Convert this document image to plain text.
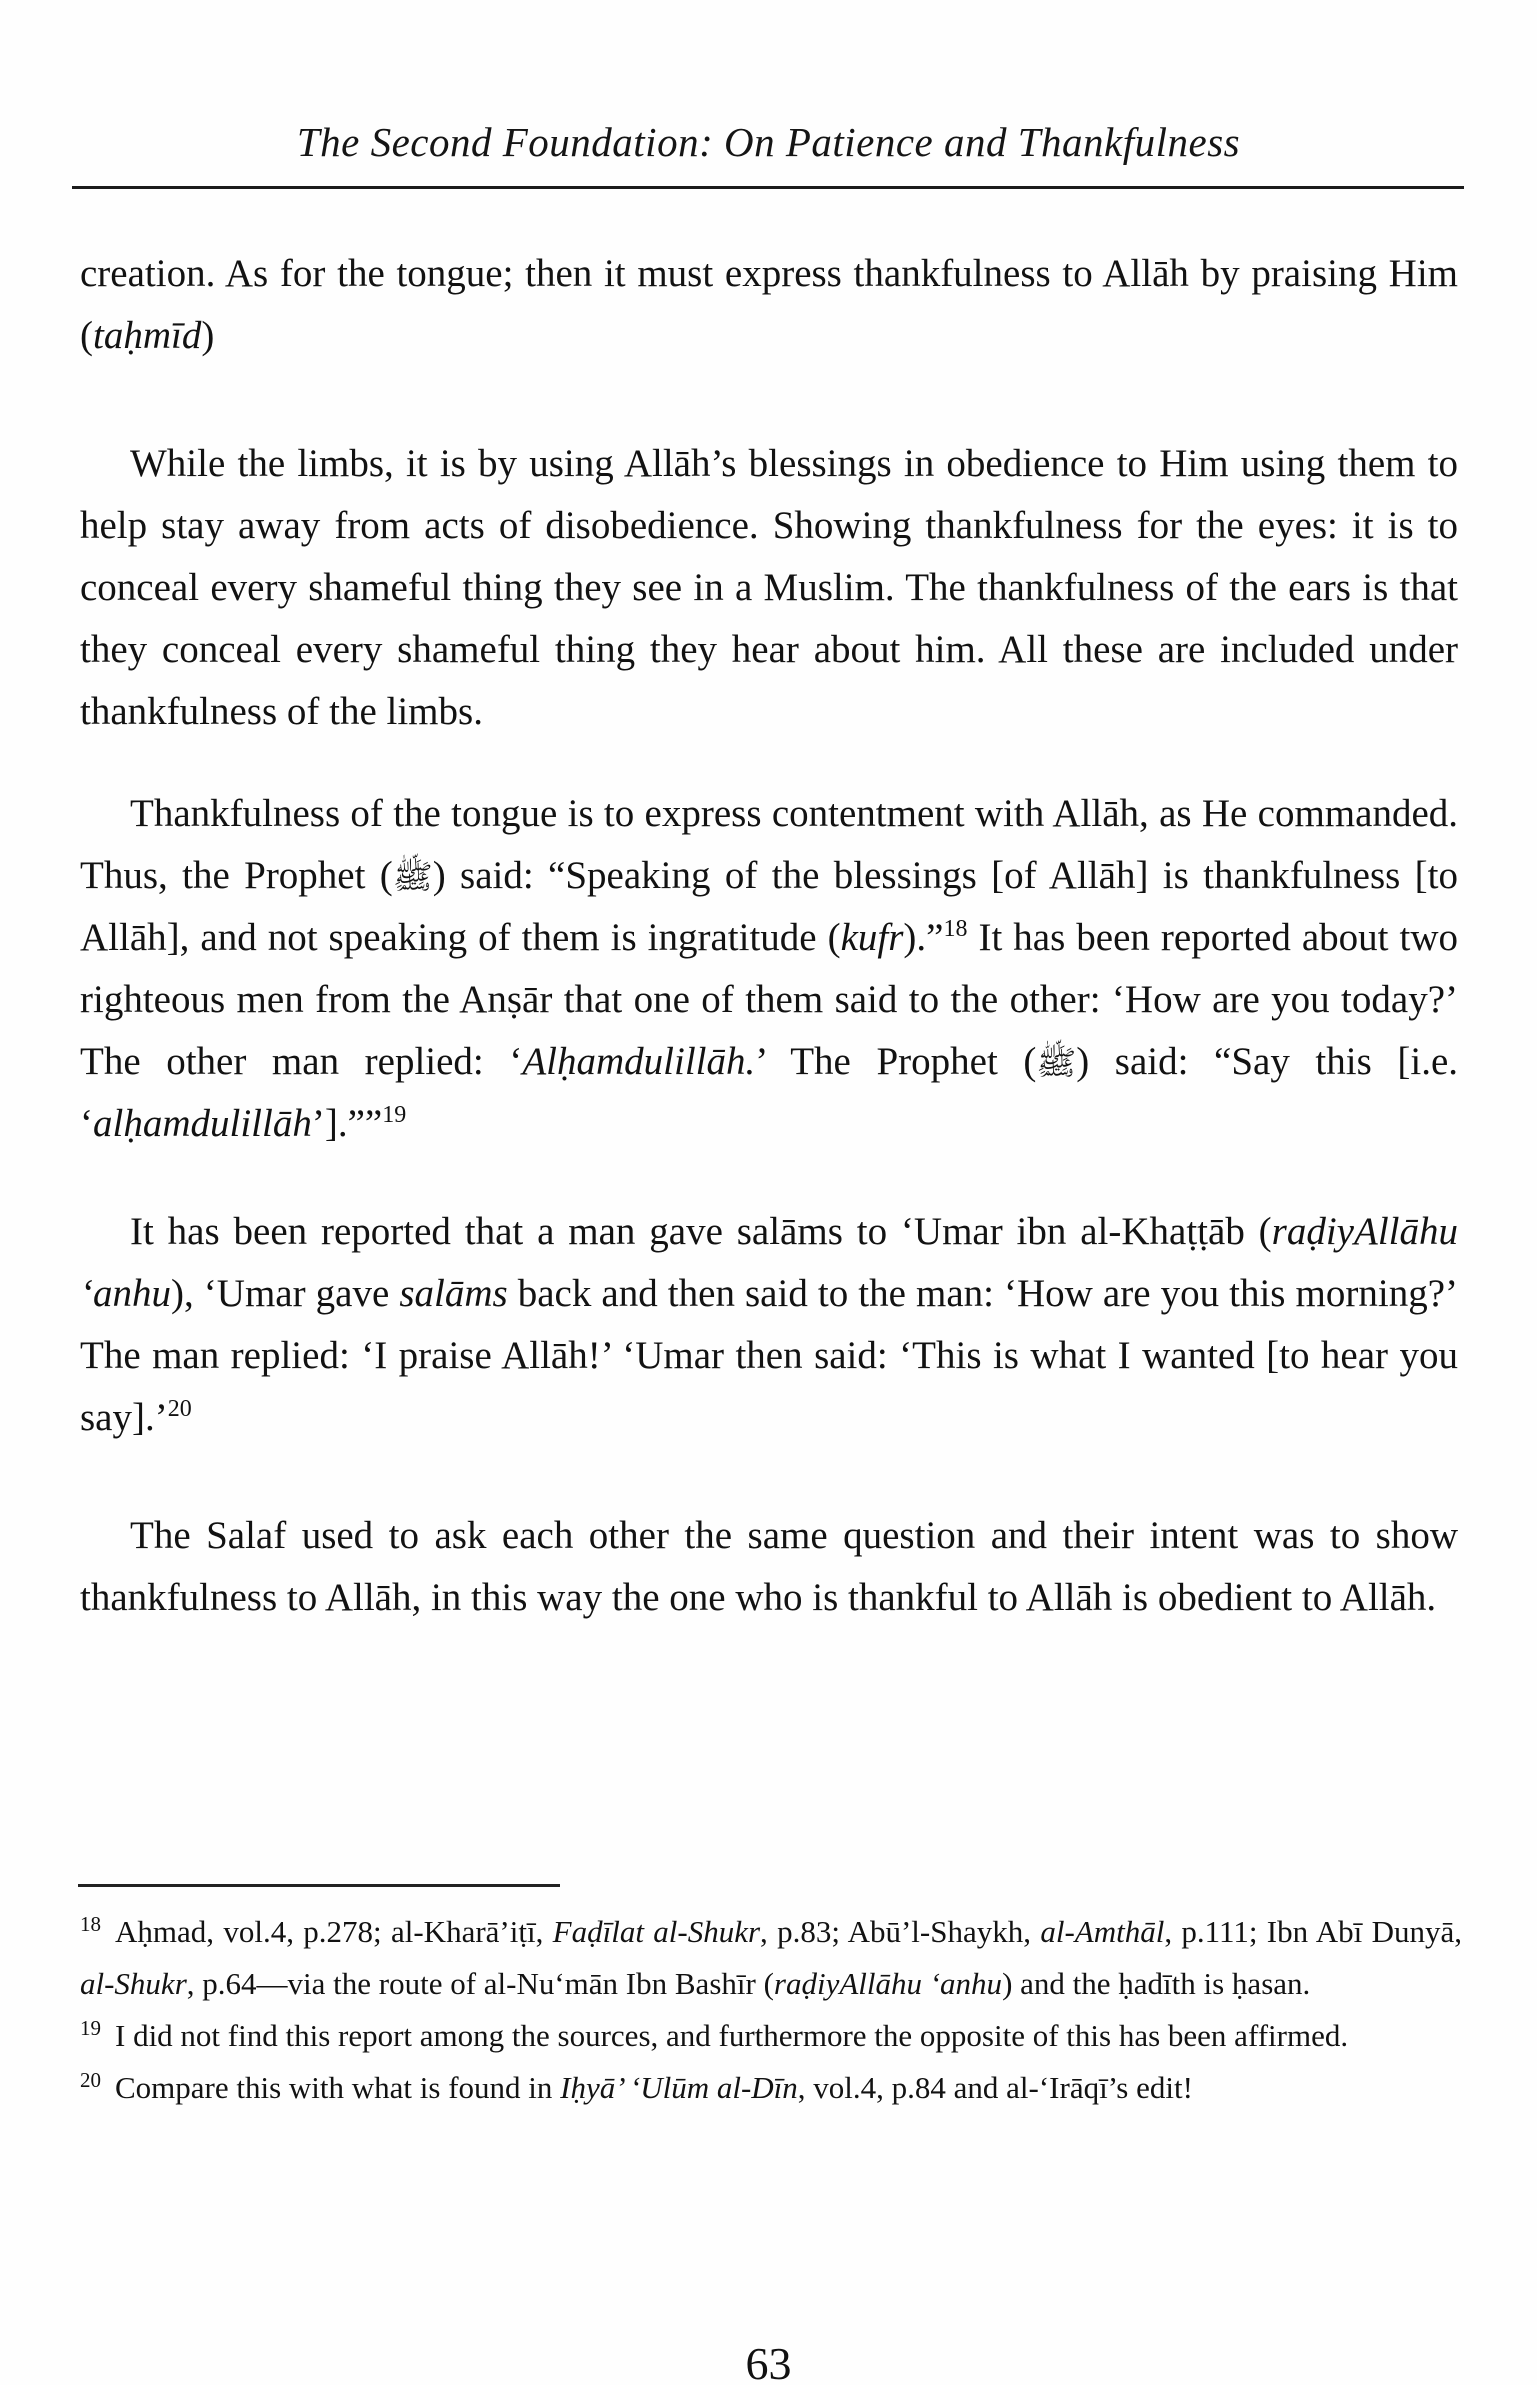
The Second Foundation: On Patience and Thankfulness

creation. As for the tongue; then it must express thankfulness to Allāh by praising Him (taḥmīd)

While the limbs, it is by using Allāh’s blessings in obedience to Him using them to help stay away from acts of disobedience. Showing thankfulness for the eyes: it is to conceal every shameful thing they see in a Muslim. The thankfulness of the ears is that they conceal every shameful thing they hear about him. All these are included under thankfulness of the limbs.

Thankfulness of the tongue is to express contentment with Allāh, as He commanded. Thus, the Prophet (ﷺ) said: “Speaking of the blessings [of Allāh] is thankfulness [to Allāh], and not speaking of them is ingratitude (kufr).”$^{18}$ It has been reported about two righteous men from the Anṣār that one of them said to the other: ‘How are you today?’ The other man replied: ‘Alḥamdulillāh.’ The Prophet (ﷺ) said: “Say this [i.e. ‘alḥamdulillāh’].””$^{19}$

It has been reported that a man gave salāms to ‘Umar ibn al-Khaṭṭāb (raḍiyAllāhu ‘anhu), ‘Umar gave salāms back and then said to the man: ‘How are you this morning?’ The man replied: ‘I praise Allāh!’ ‘Umar then said: ‘This is what I wanted [to hear you say].’$^{20}$

The Salaf used to ask each other the same question and their intent was to show thankfulness to Allāh, in this way the one who is thankful to Allāh is obedient to Allāh.

$^{18}$ Aḥmad, vol.4, p.278; al-Kharā’iṭī, Faḍīlat al-Shukr, p.83; Abū’l-Shaykh, al-Amthāl, p.111; Ibn Abī Dunyā, al-Shukr, p.64—via the route of al-Nu‘mān Ibn Bashīr (raḍiyAllāhu ‘anhu) and the ḥadīth is ḥasan.

$^{19}$ I did not find this report among the sources, and furthermore the opposite of this has been affirmed.

$^{20}$ Compare this with what is found in Iḥyā’ ‘Ulūm al-Dīn, vol.4, p.84 and al-‘Irāqī’s edit!

63
